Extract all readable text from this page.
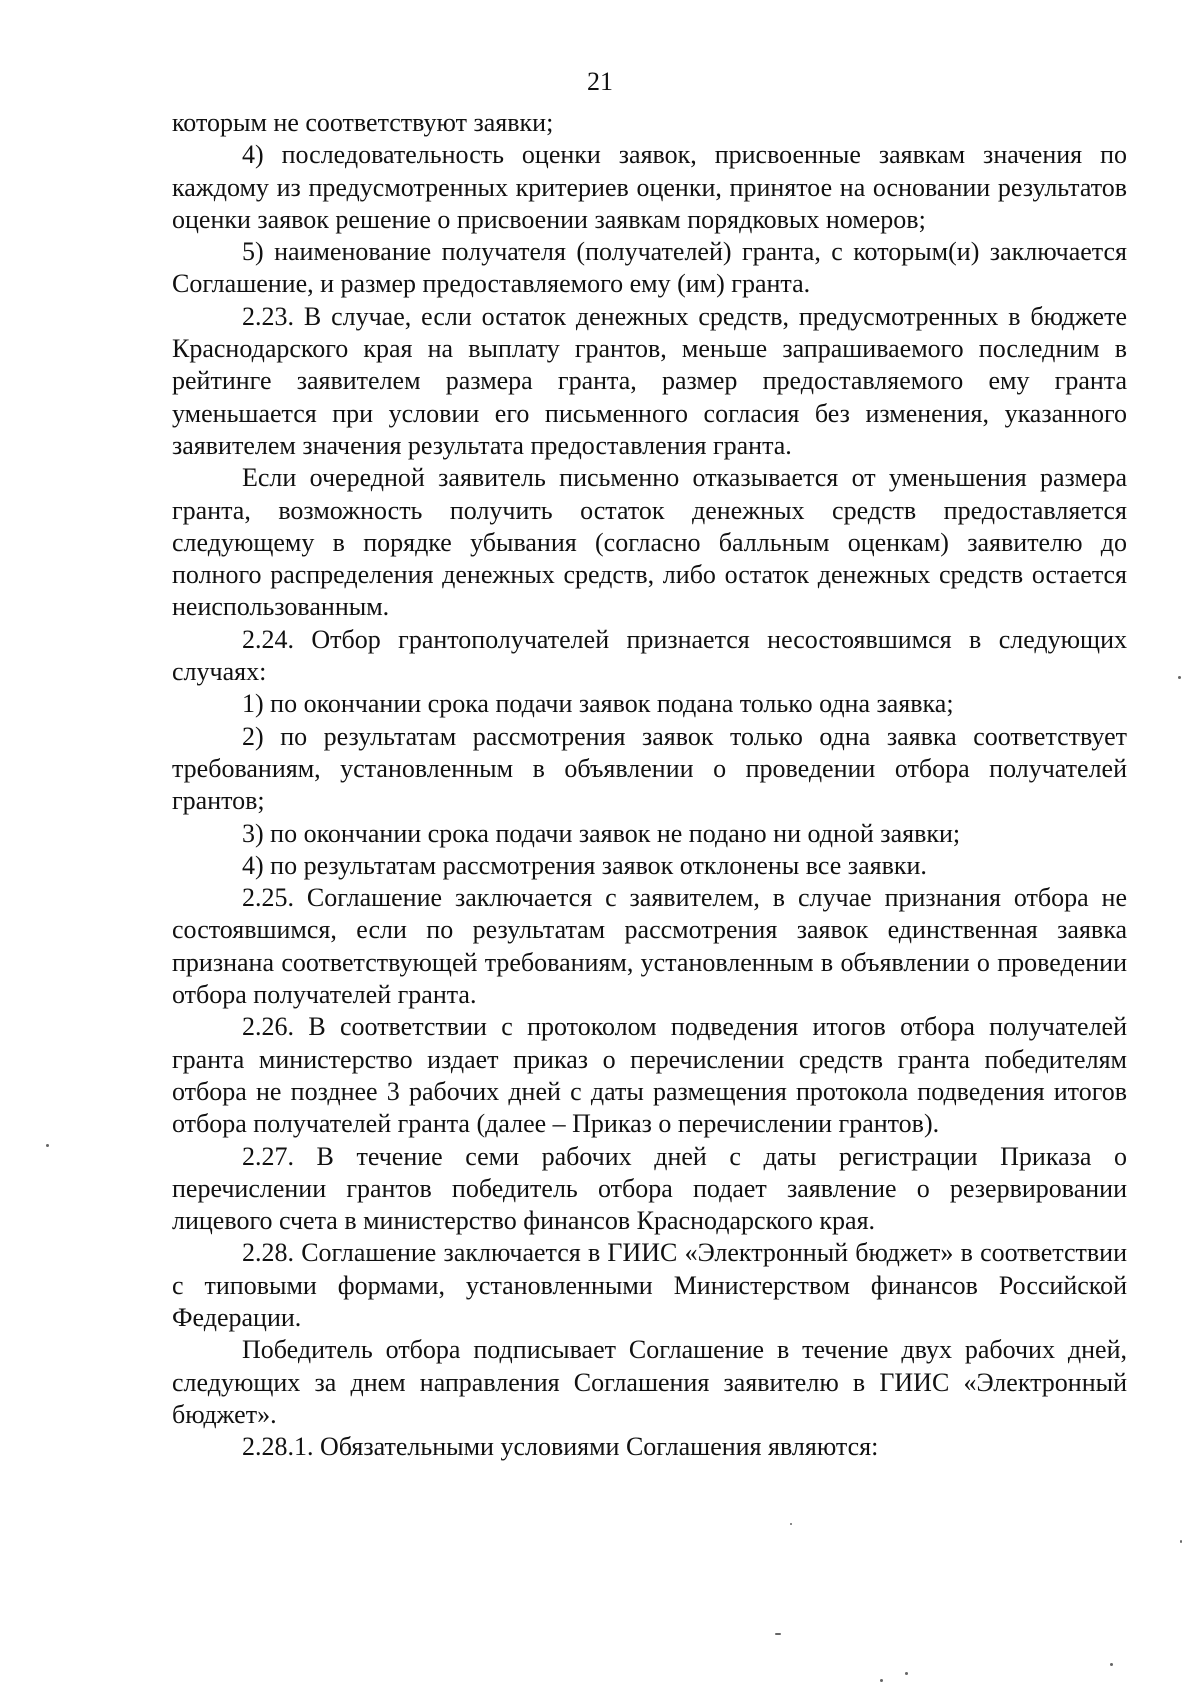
21

которым не соответствуют заявки;

4) последовательность оценки заявок, присвоенные заявкам значения по каждому из предусмотренных критериев оценки, принятое на основании результатов оценки заявок решение о присвоении заявкам порядковых номеров;

5) наименование получателя (получателей) гранта, с которым(и) заключается Соглашение, и размер предоставляемого ему (им) гранта.

2.23. В случае, если остаток денежных средств, предусмотренных в бюджете Краснодарского края на выплату грантов, меньше запрашиваемого последним в рейтинге заявителем размера гранта, размер предоставляемого ему гранта уменьшается при условии его письменного согласия без изменения, указанного заявителем значения результата предоставления гранта.

Если очередной заявитель письменно отказывается от уменьшения размера гранта, возможность получить остаток денежных средств предоставляется следующему в порядке убывания (согласно балльным оценкам) заявителю до полного распределения денежных средств, либо остаток денежных средств остается неиспользованным.

2.24. Отбор грантополучателей признается несостоявшимся в следующих случаях:

1) по окончании срока подачи заявок подана только одна заявка;

2) по результатам рассмотрения заявок только одна заявка соответствует требованиям, установленным в объявлении о проведении отбора получателей грантов;

3) по окончании срока подачи заявок не подано ни одной заявки;

4) по результатам рассмотрения заявок отклонены все заявки.

2.25. Соглашение заключается с заявителем, в случае признания отбора не состоявшимся, если по результатам рассмотрения заявок единственная заявка признана соответствующей требованиям, установленным в объявлении о проведении отбора получателей гранта.

2.26. В соответствии с протоколом подведения итогов отбора получателей гранта министерство издает приказ о перечислении средств гранта победителям отбора не позднее 3 рабочих дней с даты размещения протокола подведения итогов отбора получателей гранта (далее – Приказ о перечислении грантов).

2.27. В течение семи рабочих дней с даты регистрации Приказа о перечислении грантов победитель отбора подает заявление о резервировании лицевого счета в министерство финансов Краснодарского края.

2.28. Соглашение заключается в ГИИС «Электронный бюджет» в соответствии с типовыми формами, установленными Министерством финансов Российской Федерации.

Победитель отбора подписывает Соглашение в течение двух рабочих дней, следующих за днем направления Соглашения заявителю в ГИИС «Электронный бюджет».

2.28.1. Обязательными условиями Соглашения являются:
